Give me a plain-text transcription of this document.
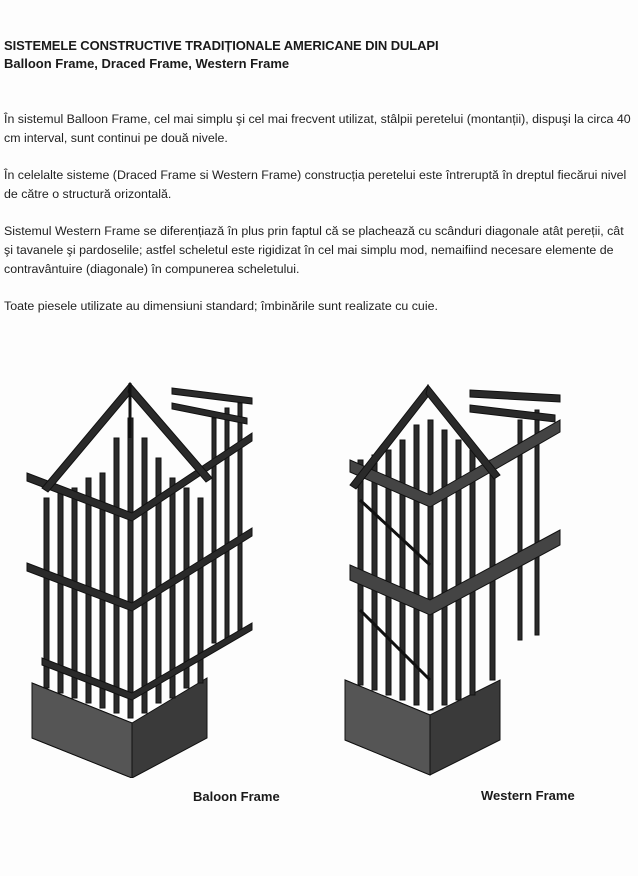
SISTEMELE CONSTRUCTIVE TRADIȚIONALE AMERICANE DIN DULAPI
Balloon Frame, Draced Frame, Western Frame

În sistemul Balloon Frame, cel mai simplu şi cel mai frecvent utilizat, stâlpii peretelui (montanții), dispuşi la circa 40 cm interval, sunt continui pe două nivele.

În celelalte sisteme (Draced Frame si Western Frame) construcția peretelui este întreruptă în dreptul fiecărui nivel de către o structură orizontală.

Sistemul Western Frame se diferențiază în plus prin faptul că se plachează cu scânduri diagonale atât pereții, cât şi tavanele şi pardoselile; astfel scheletul este rigidizat în cel mai simplu mod, nemaifiind necesare elemente de contravântuire (diagonale) în compunerea scheletului.

Toate piesele utilizate au dimensiuni standard; îmbinările sunt realizate cu cuie.

Baloon Frame	Western Frame
